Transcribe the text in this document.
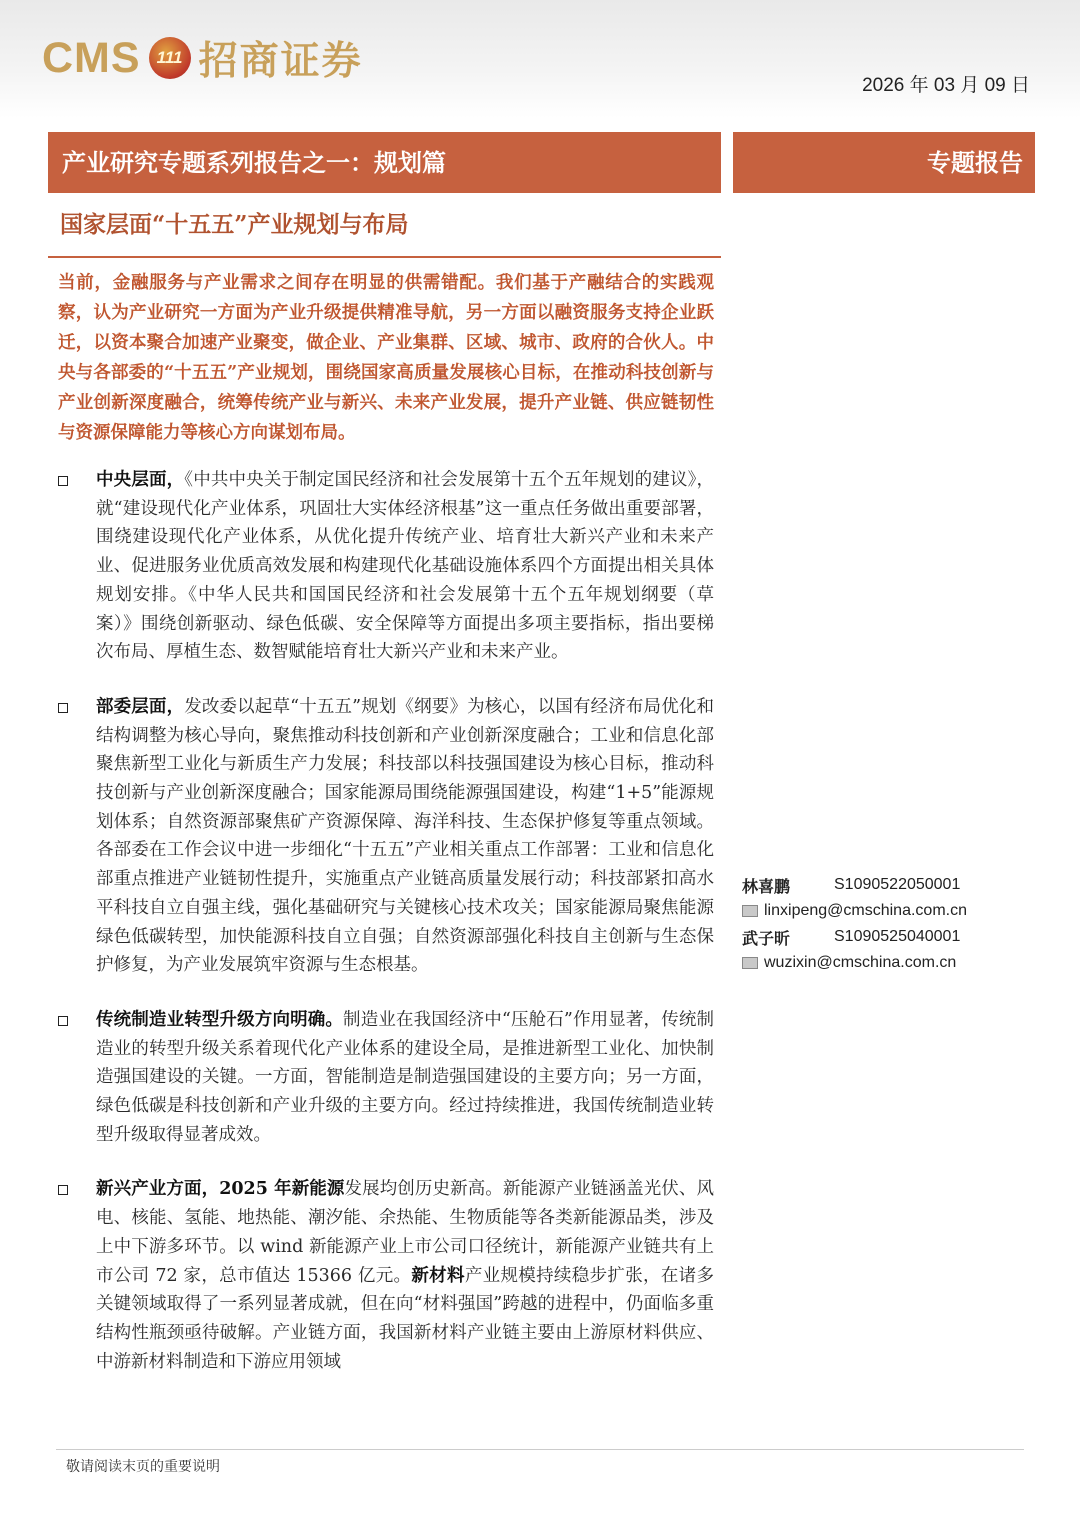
CMS 111 招商证券
2026 年 03 月 09 日
产业研究专题系列报告之一：规划篇	专题报告
国家层面“十五五”产业规划与布局
当前，金融服务与产业需求之间存在明显的供需错配。我们基于产融结合的实践观察，认为产业研究一方面为产业升级提供精准导航，另一方面以融资服务支持企业跃迁，以资本聚合加速产业聚变，做企业、产业集群、区域、城市、政府的合伙人。中央与各部委的“十五五”产业规划，围绕国家高质量发展核心目标，在推动科技创新与产业创新深度融合，统筹传统产业与新兴、未来产业发展，提升产业链、供应链韧性与资源保障能力等核心方向谋划布局。
中央层面，《中共中央关于制定国民经济和社会发展第十五个五年规划的建议》，就“建设现代化产业体系，巩固壮大实体经济根基”这一重点任务做出重要部署，围绕建设现代化产业体系，从优化提升传统产业、培育壮大新兴产业和未来产业、促进服务业优质高效发展和构建现代化基础设施体系四个方面提出相关具体规划安排。《中华人民共和国国民经济和社会发展第十五个五年规划纲要（草案）》围绕创新驱动、绿色低碳、安全保障等方面提出多项主要指标，指出要梯次布局、厚植生态、数智赋能培育壮大新兴产业和未来产业。
部委层面，发改委以起草“十五五”规划《纲要》为核心，以国有经济布局优化和结构调整为核心导向，聚焦推动科技创新和产业创新深度融合；工业和信息化部聚焦新型工业化与新质生产力发展；科技部以科技强国建设为核心目标，推动科技创新与产业创新深度融合；国家能源局围绕能源强国建设，构建“1+5”能源规划体系；自然资源部聚焦矿产资源保障、海洋科技、生态保护修复等重点领域。各部委在工作会议中进一步细化“十五五”产业相关重点工作部署：工业和信息化部重点推进产业链韧性提升，实施重点产业链高质量发展行动；科技部紧扣高水平科技自立自强主线，强化基础研究与关键核心技术攻关；国家能源局聚焦能源绿色低碳转型，加快能源科技自立自强；自然资源部强化科技自主创新与生态保护修复，为产业发展筑牢资源与生态根基。
传统制造业转型升级方向明确。制造业在我国经济中“压舱石”作用显著，传统制造业的转型升级关系着现代化产业体系的建设全局，是推进新型工业化、加快制造强国建设的关键。一方面，智能制造是制造强国建设的主要方向；另一方面，绿色低碳是科技创新和产业升级的主要方向。经过持续推进，我国传统制造业转型升级取得显著成效。
新兴产业方面，2025 年新能源发展均创历史新高。新能源产业链涵盖光伏、风电、核能、氢能、地热能、潮汐能、余热能、生物质能等各类新能源品类，涉及上中下游多环节。以 wind 新能源产业上市公司口径统计，新能源产业链共有上市公司 72 家，总市值达 15366 亿元。新材料产业规模持续稳步扩张，在诸多关键领域取得了一系列显著成就，但在向“材料强国”跨越的进程中，仍面临多重结构性瓶颈亟待破解。产业链方面，我国新材料产业链主要由上游原材料供应、中游新材料制造和下游应用领域
林喜鹏	S1090522050001
linxipeng@cmschina.com.cn
武子昕	S1090525040001
wuzixin@cmschina.com.cn
敬请阅读末页的重要说明
